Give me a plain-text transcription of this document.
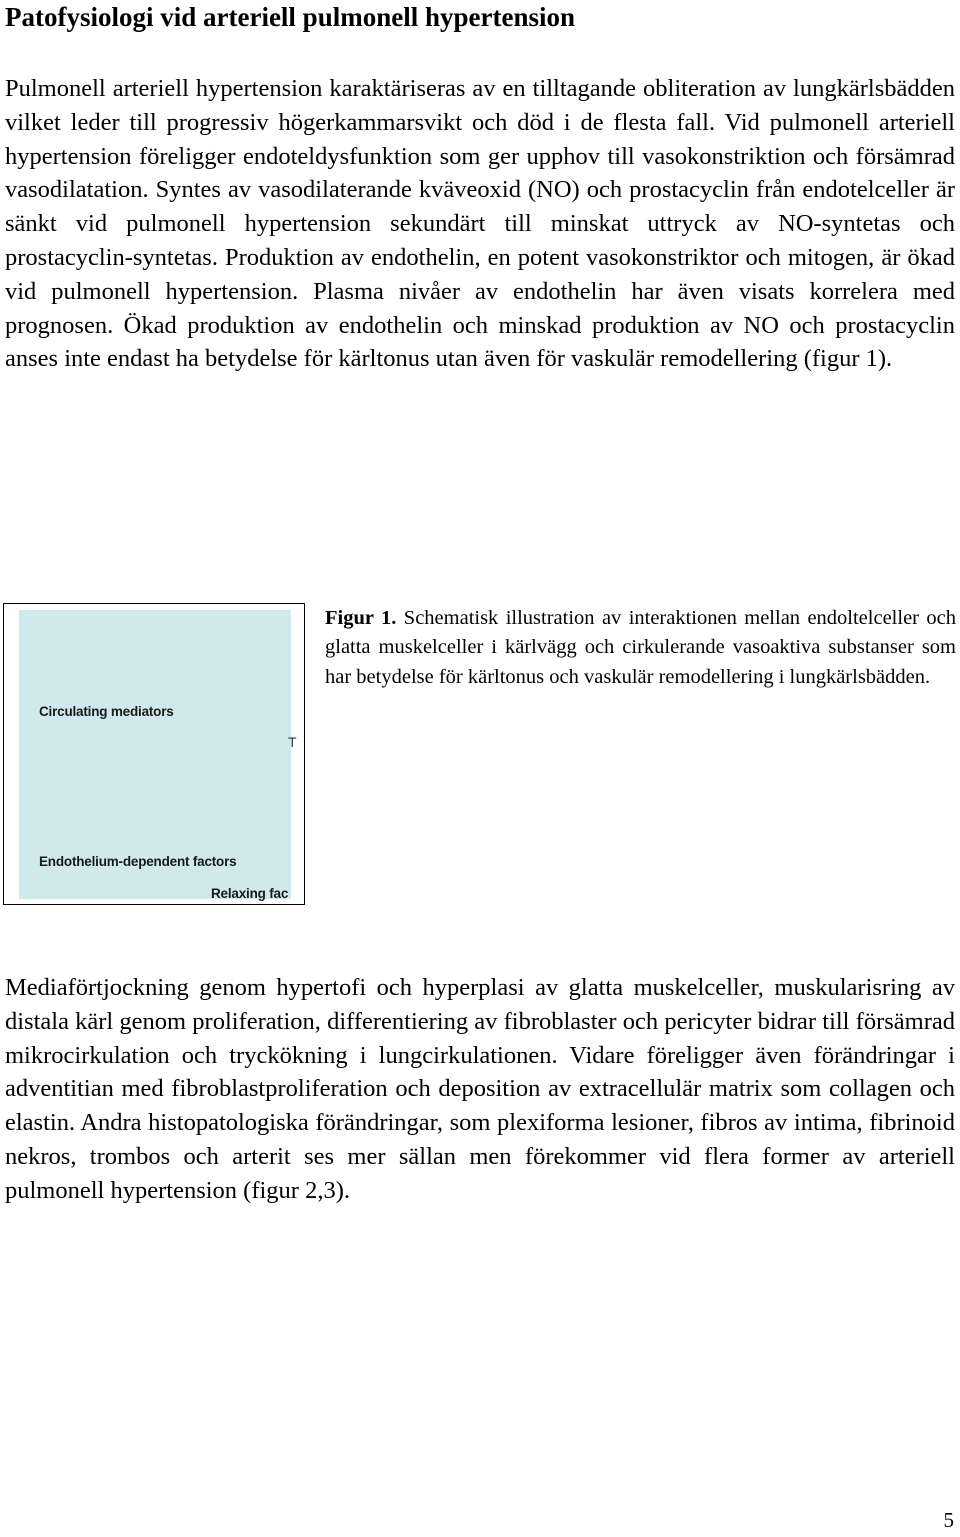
Patofysiologi vid arteriell pulmonell hypertension

Pulmonell arteriell hypertension karaktäriseras av en tilltagande obliteration av lungkärlsbädden vilket leder till progressiv högerkammarsvikt och död i de flesta fall. Vid pulmonell arteriell hypertension föreligger endoteldysfunktion som ger upphov till vasokonstriktion och försämrad vasodilatation. Syntes av vasodilaterande kväveoxid (NO) och prostacyclin från endotelceller är sänkt vid pulmonell hypertension sekundärt till minskat uttryck av NO-syntetas och prostacyclin-syntetas. Produktion av endothelin, en potent vasokonstriktor och mitogen, är ökad vid pulmonell hypertension. Plasma nivåer av endothelin har även visats korrelera med prognosen. Ökad produktion av endothelin och minskad produktion av NO och prostacyclin anses inte endast ha betydelse för kärltonus utan även för vaskulär remodellering (figur 1).

Circulating mediators
T
Endothelium-dependent factors
Relaxing fac

Figur 1. Schematisk illustration av interaktionen mellan endoltelceller och glatta muskelceller i kärlvägg och cirkulerande vasoaktiva substanser som har betydelse för kärltonus och vaskulär remodellering i lungkärlsbädden.

Mediaförtjockning genom hypertofi och hyperplasi av glatta muskelceller, muskularisring av distala kärl genom proliferation, differentiering av fibroblaster och pericyter bidrar till försämrad mikrocirkulation och tryckökning i lungcirkulationen. Vidare föreligger även förändringar i adventitian med fibroblastproliferation och deposition av extracellulär matrix som collagen och elastin. Andra histopatologiska förändringar, som plexiforma lesioner, fibros av intima, fibrinoid nekros, trombos och arterit ses mer sällan men förekommer vid flera former av arteriell pulmonell hypertension (figur 2,3).

5
